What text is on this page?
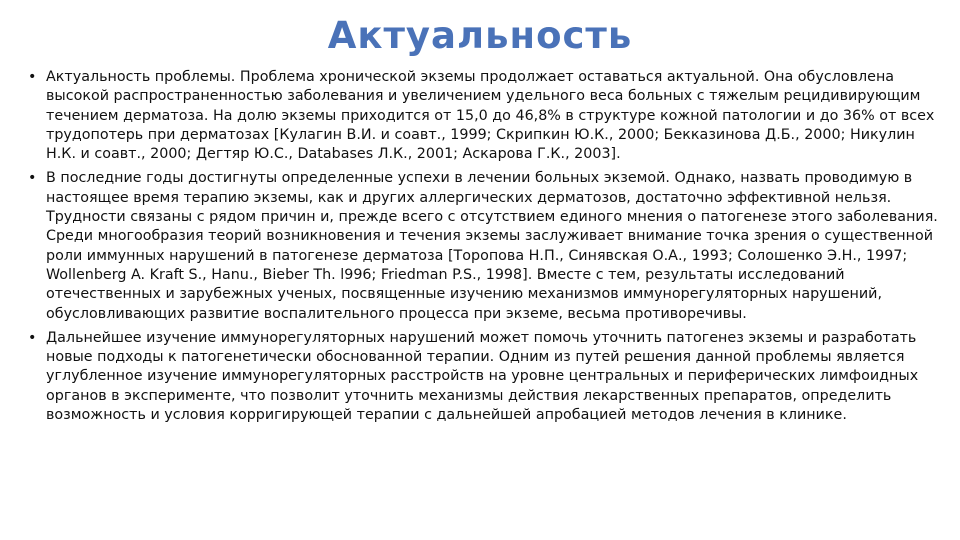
Актуальность
• Актуальность проблемы. Проблема хронической экземы продолжает оставаться актуальной. Она обусловлена высокой распространенностью заболевания и увеличением удельного веса больных с тяжелым рецидивирующим течением дерматоза. На долю экземы приходится от 15,0 до 46,8% в структуре кожной патологии и до 36% от всех трудопотерь при дерматозах [Кулагин В.И. и соавт., 1999; Скрипкин Ю.К., 2000; Бекказинова Д.Б., 2000; Никулин Н.К. и соавт., 2000; Дегтяр Ю.С., Databases Л.К., 2001; Аскарова Г.К., 2003].
• В последние годы достигнуты определенные успехи в лечении больных экземой. Однако, назвать проводимую в настоящее время терапию экземы, как и других аллергических дерматозов, достаточно эффективной нельзя. Трудности связаны с рядом причин и, прежде всего с отсутствием единого мнения о патогенезе этого заболевания. Среди многообразия теорий возникновения и течения экземы заслуживает внимание точка зрения о существенной роли иммунных нарушений в патогенезе дерматоза [Торопова Н.П., Синявская О.А., 1993; Солошенко Э.Н., 1997; Wollenberg A. Kraft S., Hanu., Bieber Th. l996; Friedman P.S., 1998]. Вместе с тем, результаты исследований отечественных и зарубежных ученых, посвященные изучению механизмов иммунорегуляторных нарушений, обусловливающих развитие воспалительного процесса при экземе, весьма противоречивы.
• Дальнейшее изучение иммунорегуляторных нарушений может помочь уточнить патогенез экземы и разработать новые подходы к патогенетически обоснованной терапии. Одним из путей решения данной проблемы является углубленное изучение иммунорегуляторных расстройств на уровне центральных и периферических лимфоидных органов в эксперименте, что позволит уточнить механизмы действия лекарственных препаратов, определить возможность и условия корригирующей терапии с дальнейшей апробацией методов лечения в клинике.
